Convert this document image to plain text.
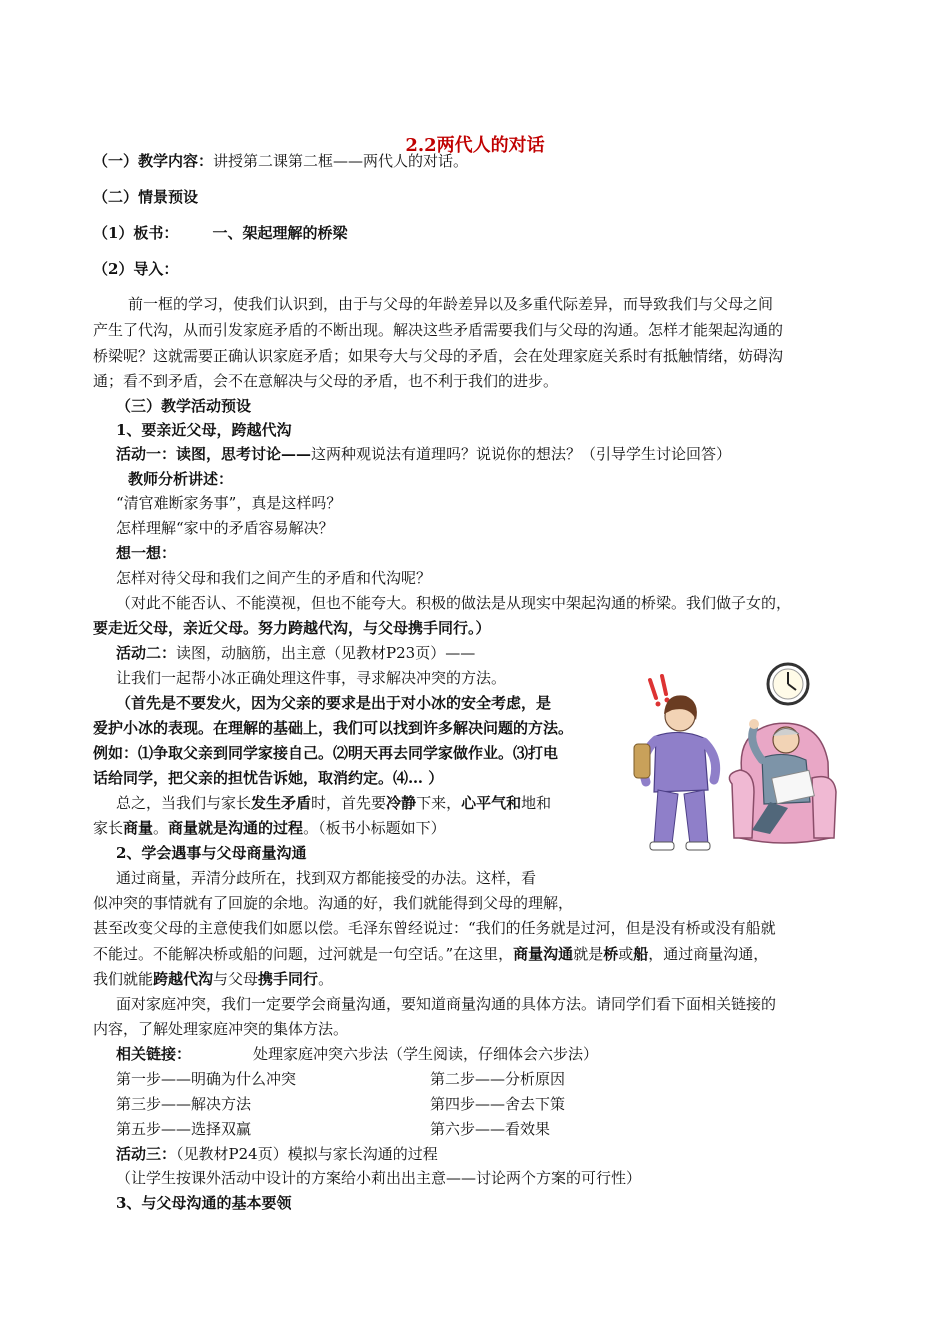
2.2两代人的对话
（一）教学内容：讲授第二课第二框——两代人的对话。
（二）情景预设
（1）板书： 一、架起理解的桥梁
（2）导入：
前一框的学习，使我们认识到，由于与父母的年龄差异以及多重代际差异，而导致我们与父母之间
产生了代沟，从而引发家庭矛盾的不断出现。解决这些矛盾需要我们与父母的沟通。怎样才能架起沟通的
桥梁呢？这就需要正确认识家庭矛盾；如果夸大与父母的矛盾，会在处理家庭关系时有抵触情绪，妨碍沟
通；看不到矛盾，会不在意解决与父母的矛盾，也不利于我们的进步。
（三）教学活动预设
1、要亲近父母，跨越代沟
活动一：读图，思考讨论——这两种观说法有道理吗？说说你的想法？（引导学生讨论回答）
教师分析讲述：
“清官难断家务事”，真是这样吗？
怎样理解“家中的矛盾容易解决？
想一想：
怎样对待父母和我们之间产生的矛盾和代沟呢？
（对此不能否认、不能漠视，但也不能夸大。积极的做法是从现实中架起沟通的桥梁。我们做子女的，
要走近父母，亲近父母。努力跨越代沟，与父母携手同行。）
活动二：读图，动脑筋，出主意（见教材P23页）——
让我们一起帮小冰正确处理这件事，寻求解决冲突的方法。
（首先是不要发火，因为父亲的要求是出于对小冰的安全考虑，是
爱护小冰的表现。在理解的基础上，我们可以找到许多解决问题的方法。
例如：⑴争取父亲到同学家接自己。⑵明天再去同学家做作业。⑶打电
话给同学，把父亲的担忧告诉她，取消约定。⑷… ）
总之，当我们与家长发生矛盾时，首先要冷静下来，心平气和地和
家长商量。商量就是沟通的过程。（板书小标题如下）
2、学会遇事与父母商量沟通
通过商量，弄清分歧所在，找到双方都能接受的办法。这样，看
似冲突的事情就有了回旋的余地。沟通的好，我们就能得到父母的理解，
甚至改变父母的主意使我们如愿以偿。毛泽东曾经说过：“我们的任务就是过河，但是没有桥或没有船就
不能过。不能解决桥或船的问题，过河就是一句空话。”在这里，商量沟通就是桥或船，通过商量沟通，
我们就能跨越代沟与父母携手同行。
面对家庭冲突，我们一定要学会商量沟通，要知道商量沟通的具体方法。请同学们看下面相关链接的
内容，了解处理家庭冲突的集体方法。
相关链接：	处理家庭冲突六步法（学生阅读，仔细体会六步法）
第一步——明确为什么冲突	第二步——分析原因
第三步——解决方法	第四步——舍去下策
第五步——选择双赢	第六步——看效果
活动三：（见教材P24页）模拟与家长沟通的过程
（让学生按课外活动中设计的方案给小莉出出主意——讨论两个方案的可行性）
3、与父母沟通的基本要领
